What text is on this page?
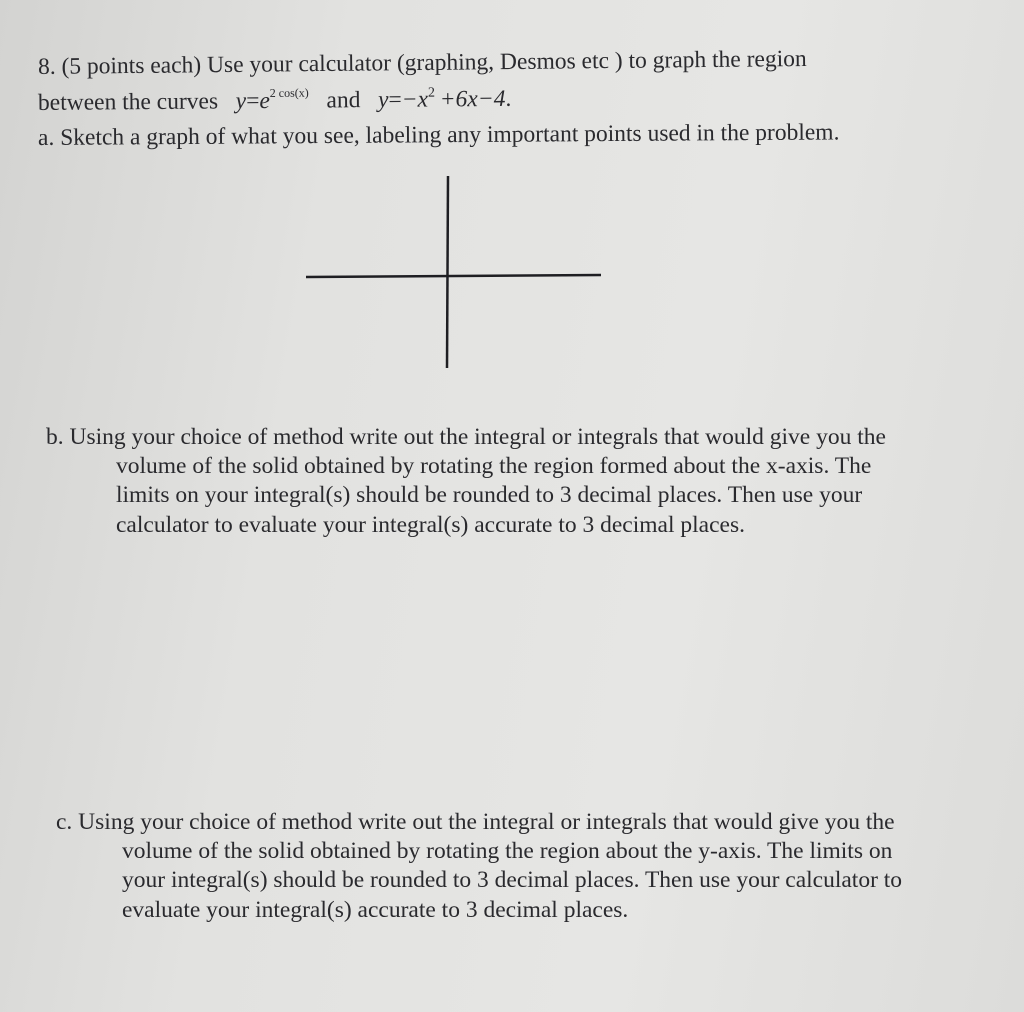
8. (5 points each) Use your calculator (graphing, Desmos etc ) to graph the region
between the curves $y=e^{2 cos(x)}$ and $y=-x^2 +6x-4$.
a. Sketch a graph of what you see, labeling any important points used in the problem.
b. Using your choice of method write out the integral or integrals that would give you the
volume of the solid obtained by rotating the region formed about the x-axis. The
limits on your integral(s) should be rounded to 3 decimal places. Then use your
calculator to evaluate your integral(s) accurate to 3 decimal places.
c. Using your choice of method write out the integral or integrals that would give you the
volume of the solid obtained by rotating the region about the y-axis. The limits on
your integral(s) should be rounded to 3 decimal places. Then use your calculator to
evaluate your integral(s) accurate to 3 decimal places.
